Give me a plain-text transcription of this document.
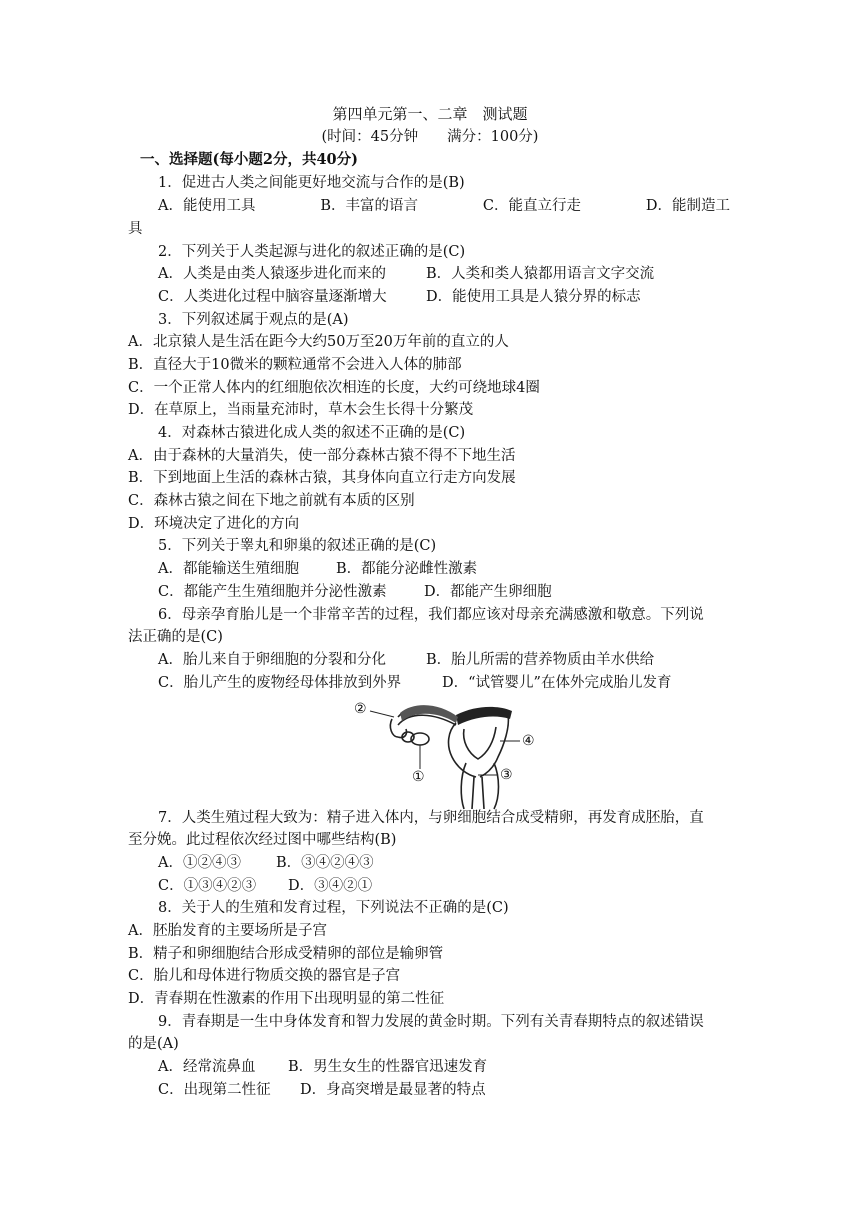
第四单元第一、二章　测试题
(时间：45分钟　　满分：100分)
一、选择题(每小题2分，共40分)
1．促进古人类之间能更好地交流与合作的是(B)
A．能使用工具	B．丰富的语言	C．能直立行走	D．能制造工
具
2．下列关于人类起源与进化的叙述正确的是(C)
A．人类是由类人猿逐步进化而来的	B．人类和类人猿都用语言文字交流
C．人类进化过程中脑容量逐渐增大	D．能使用工具是人猿分界的标志
3．下列叙述属于观点的是(A)
A．北京猿人是生活在距今大约50万至20万年前的直立的人
B．直径大于10微米的颗粒通常不会进入人体的肺部
C．一个正常人体内的红细胞依次相连的长度，大约可绕地球4圈
D．在草原上，当雨量充沛时，草木会生长得十分繁茂
4．对森林古猿进化成人类的叙述不正确的是(C)
A．由于森林的大量消失，使一部分森林古猿不得不下地生活
B．下到地面上生活的森林古猿，其身体向直立行走方向发展
C．森林古猿之间在下地之前就有本质的区别
D．环境决定了进化的方向
5．下列关于睾丸和卵巢的叙述正确的是(C)
A．都能输送生殖细胞	B．都能分泌雌性激素
C．都能产生生殖细胞并分泌性激素	D．都能产生卵细胞
6．母亲孕育胎儿是一个非常辛苦的过程，我们都应该对母亲充满感激和敬意。下列说
法正确的是(C)
A．胎儿来自于卵细胞的分裂和分化	B．胎儿所需的营养物质由羊水供给
C．胎儿产生的废物经母体排放到外界	D．“试管婴儿”在体外完成胎儿发育
②
④
①	③
7．人类生殖过程大致为：精子进入体内，与卵细胞结合成受精卵，再发育成胚胎，直
至分娩。此过程依次经过图中哪些结构(B)
A．①②④③ B．③④②④③
C．①③④②③ D．③④②①
8．关于人的生殖和发育过程，下列说法不正确的是(C)
A．胚胎发育的主要场所是子宫
B．精子和卵细胞结合形成受精卵的部位是输卵管
C．胎儿和母体进行物质交换的器官是子宫
D．青春期在性激素的作用下出现明显的第二性征
9．青春期是一生中身体发育和智力发展的黄金时期。下列有关青春期特点的叙述错误
的是(A)
A．经常流鼻血 B．男生女生的性器官迅速发育
C．出现第二性征 D．身高突增是最显著的特点
